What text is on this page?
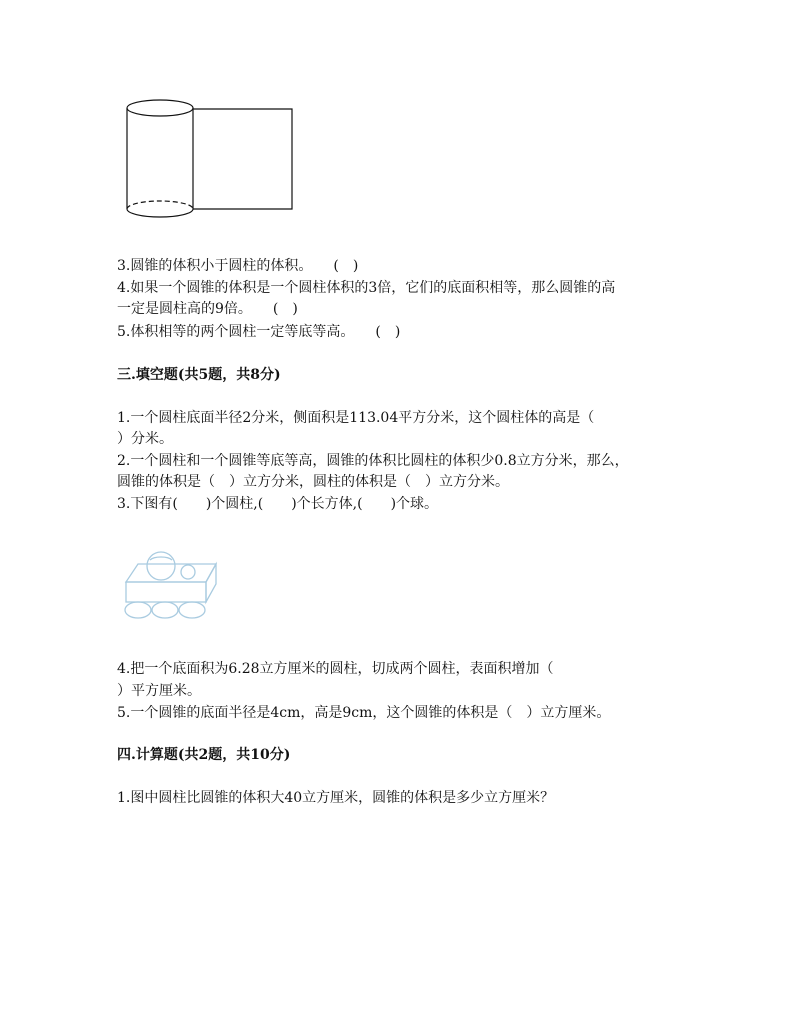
3.圆锥的体积小于圆柱的体积。　　(　)
4.如果一个圆锥的体积是一个圆柱体积的3倍，它们的底面积相等，那么圆锥的高
一定是圆柱高的9倍。　　(　)
5.体积相等的两个圆柱一定等底等高。　　(　)
三.填空题(共5题，共8分)
1.一个圆柱底面半径2分米，侧面积是113.04平方分米，这个圆柱体的高是（
）分米。
2.一个圆柱和一个圆锥等底等高，圆锥的体积比圆柱的体积少0.8立方分米，那么，
圆锥的体积是（　）立方分米，圆柱的体积是（　）立方分米。
3.下图有(　　)个圆柱,(　　)个长方体,(　　)个球。
4.把一个底面积为6.28立方厘米的圆柱，切成两个圆柱，表面积增加（
）平方厘米。
5.一个圆锥的底面半径是4cm，高是9cm，这个圆锥的体积是（　）立方厘米。
四.计算题(共2题，共10分)
1.图中圆柱比圆锥的体积大40立方厘米，圆锥的体积是多少立方厘米？
